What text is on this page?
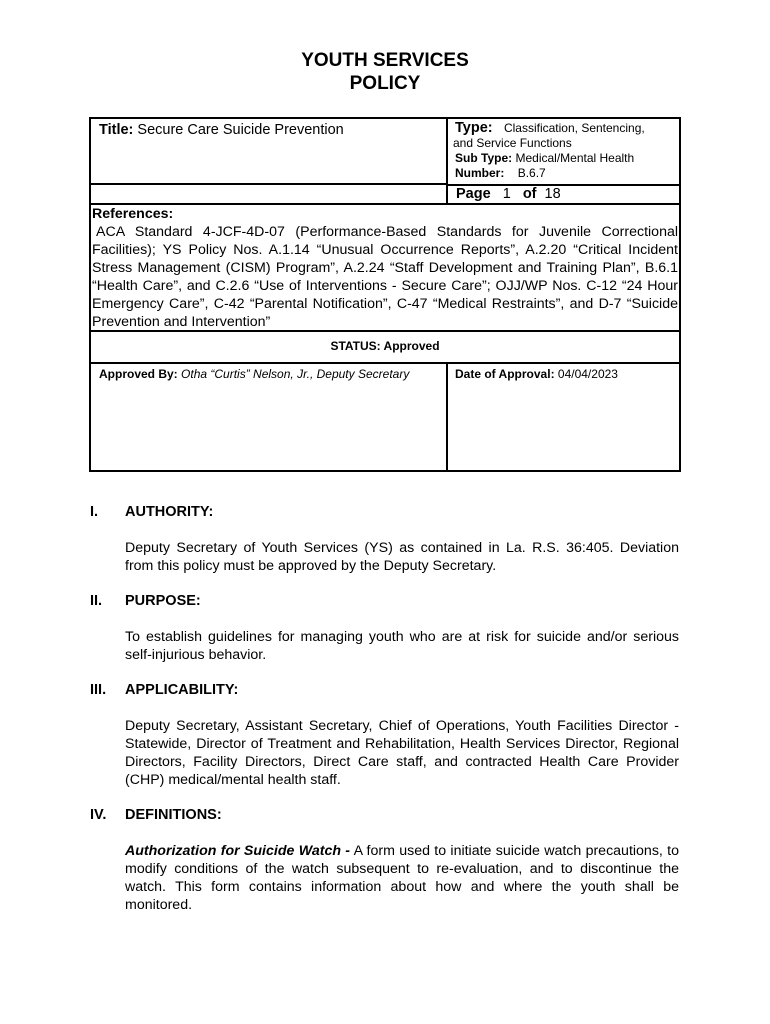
YOUTH SERVICES
POLICY
Title: Secure Care Suicide Prevention	Type: Classification, Sentencing,
and Service Functions
Sub Type: Medical/Mental Health
Number: B.6.7
Page 1 of 18
References:
ACA Standard 4-JCF-4D-07 (Performance-Based Standards for Juvenile Correctional Facilities); YS Policy Nos. A.1.14 “Unusual Occurrence Reports”, A.2.20 “Critical Incident Stress Management (CISM) Program”, A.2.24 “Staff Development and Training Plan”, B.6.1 “Health Care”, and C.2.6 “Use of Interventions - Secure Care”; OJJ/WP Nos. C-12 “24 Hour Emergency Care”, C-42 “Parental Notification”, C-47 “Medical Restraints”, and D-7 “Suicide Prevention and Intervention”
STATUS: Approved
Approved By: Otha “Curtis” Nelson, Jr., Deputy Secretary	Date of Approval: 04/04/2023
I. AUTHORITY:
Deputy Secretary of Youth Services (YS) as contained in La. R.S. 36:405. Deviation from this policy must be approved by the Deputy Secretary.
II. PURPOSE:
To establish guidelines for managing youth who are at risk for suicide and/or serious self-injurious behavior.
III. APPLICABILITY:
Deputy Secretary, Assistant Secretary, Chief of Operations, Youth Facilities Director - Statewide, Director of Treatment and Rehabilitation, Health Services Director, Regional Directors, Facility Directors, Direct Care staff, and contracted Health Care Provider (CHP) medical/mental health staff.
IV. DEFINITIONS:
Authorization for Suicide Watch - A form used to initiate suicide watch precautions, to modify conditions of the watch subsequent to re-evaluation, and to discontinue the watch. This form contains information about how and where the youth shall be monitored.
